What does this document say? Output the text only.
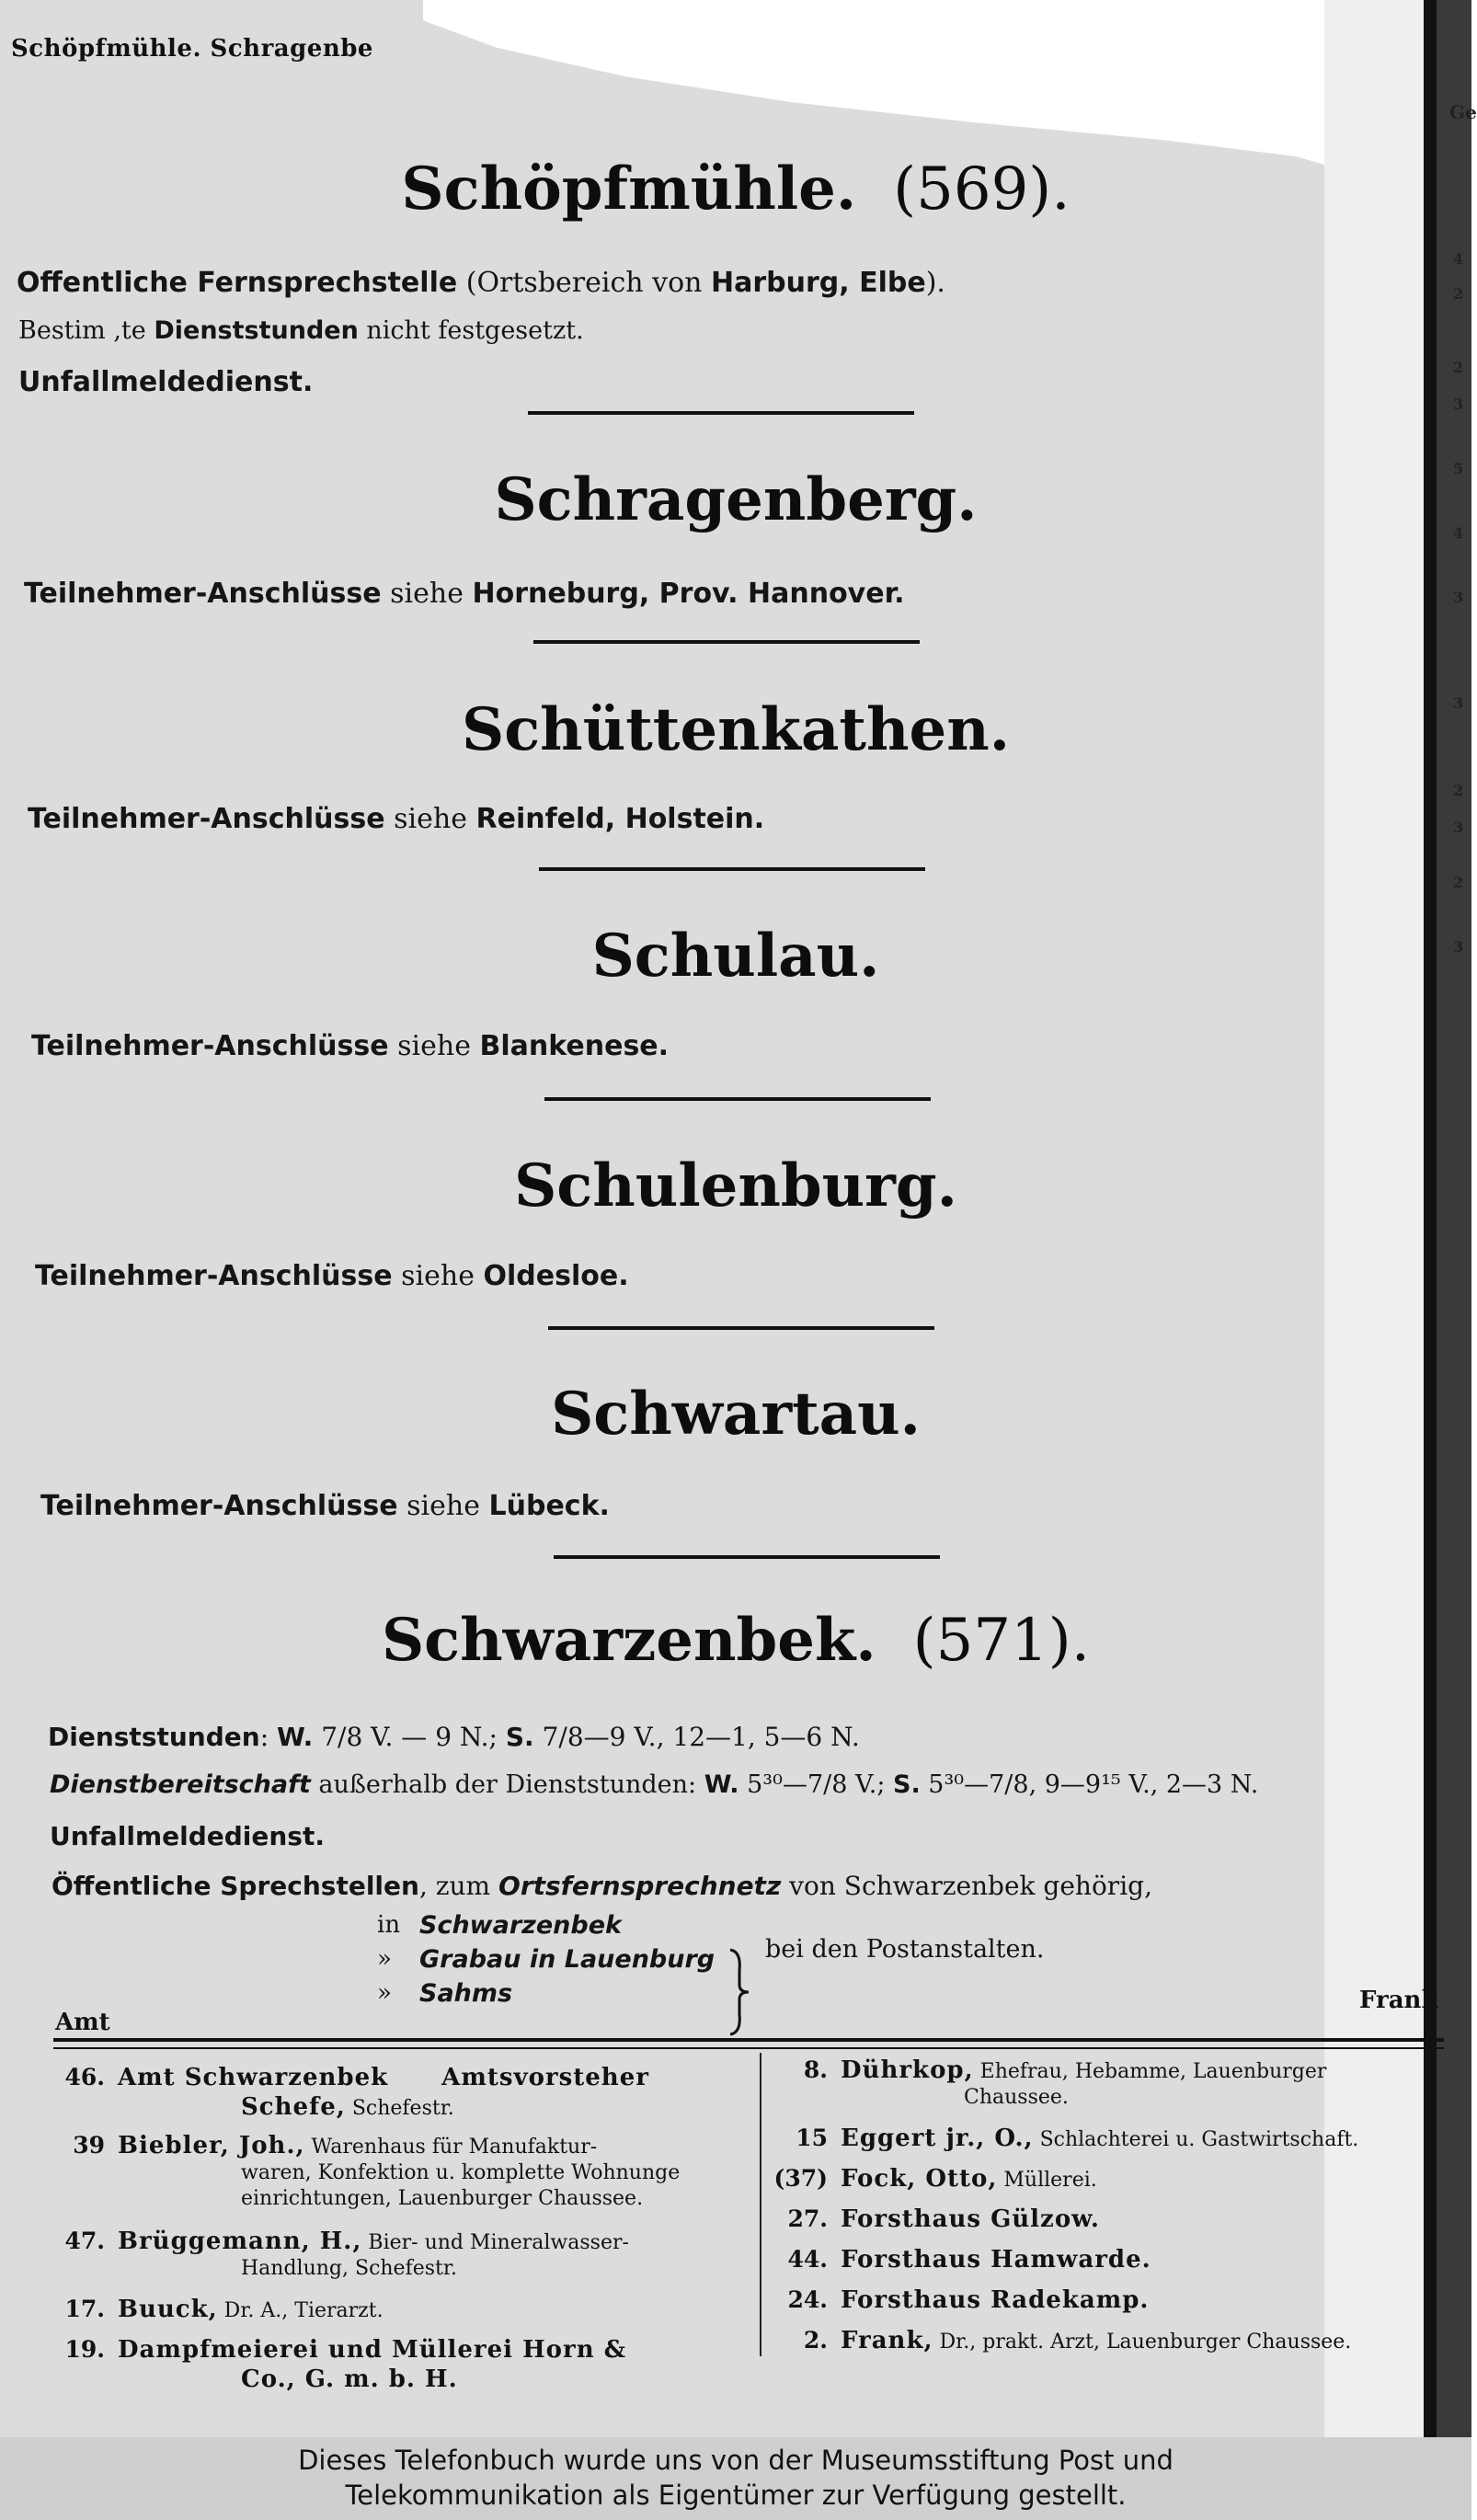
Ge
4
2
2
3
5
4
3
3
2
3
2
3
Schöpfmühle. Schragenbe
Schöpfmühle. (569).
Offentliche Fernsprechstelle (Ortsbereich von Harburg, Elbe).
Bestim ,te Dienststunden nicht festgesetzt.
Unfallmeldedienst.
Schragenberg.
Teilnehmer-Anschlüsse siehe Horneburg, Prov. Hannover.
Schüttenkathen.
Teilnehmer-Anschlüsse siehe Reinfeld, Holstein.
Schulau.
Teilnehmer-Anschlüsse siehe Blankenese.
Schulenburg.
Teilnehmer-Anschlüsse siehe Oldesloe.
Schwartau.
Teilnehmer-Anschlüsse siehe Lübeck.
Schwarzenbek. (571).
Dienststunden: W. 7/8 V. — 9 N.; S. 7/8—9 V., 12—1, 5—6 N.
Dienstbereitschaft außerhalb der Dienststunden: W. 5³⁰—7/8 V.; S. 5³⁰—7/8, 9—9¹⁵ V., 2—3 N.
Unfallmeldedienst.
Öffentliche Sprechstellen, zum Ortsfernsprechnetz von Schwarzenbek gehörig,
in Schwarzenbek
» Grabau in Lauenburg
» Sahms
bei den Postanstalten.
Amt
Frank
46. Amt Schwarzenbek Amtsvorsteher
Schefe, Schefestr.
39 Biebler, Joh., Warenhaus für Manufaktur-
waren, Konfektion u. komplette Wohnunge
einrichtungen, Lauenburger Chaussee.
47. Brüggemann, H., Bier- und Mineralwasser-
Handlung, Schefestr.
17. Buuck, Dr. A., Tierarzt.
19. Dampfmeierei und Müllerei Horn &
Co., G. m. b. H.
8. Dührkop, Ehefrau, Hebamme, Lauenburger
Chaussee.
15 Eggert jr., O., Schlachterei u. Gastwirtschaft.
(37) Fock, Otto, Müllerei.
27. Forsthaus Gülzow.
44. Forsthaus Hamwarde.
24. Forsthaus Radekamp.
2. Frank, Dr., prakt. Arzt, Lauenburger Chaussee.
Dieses Telefonbuch wurde uns von der Museumsstiftung Post und
Telekommunikation als Eigentümer zur Verfügung gestellt.
